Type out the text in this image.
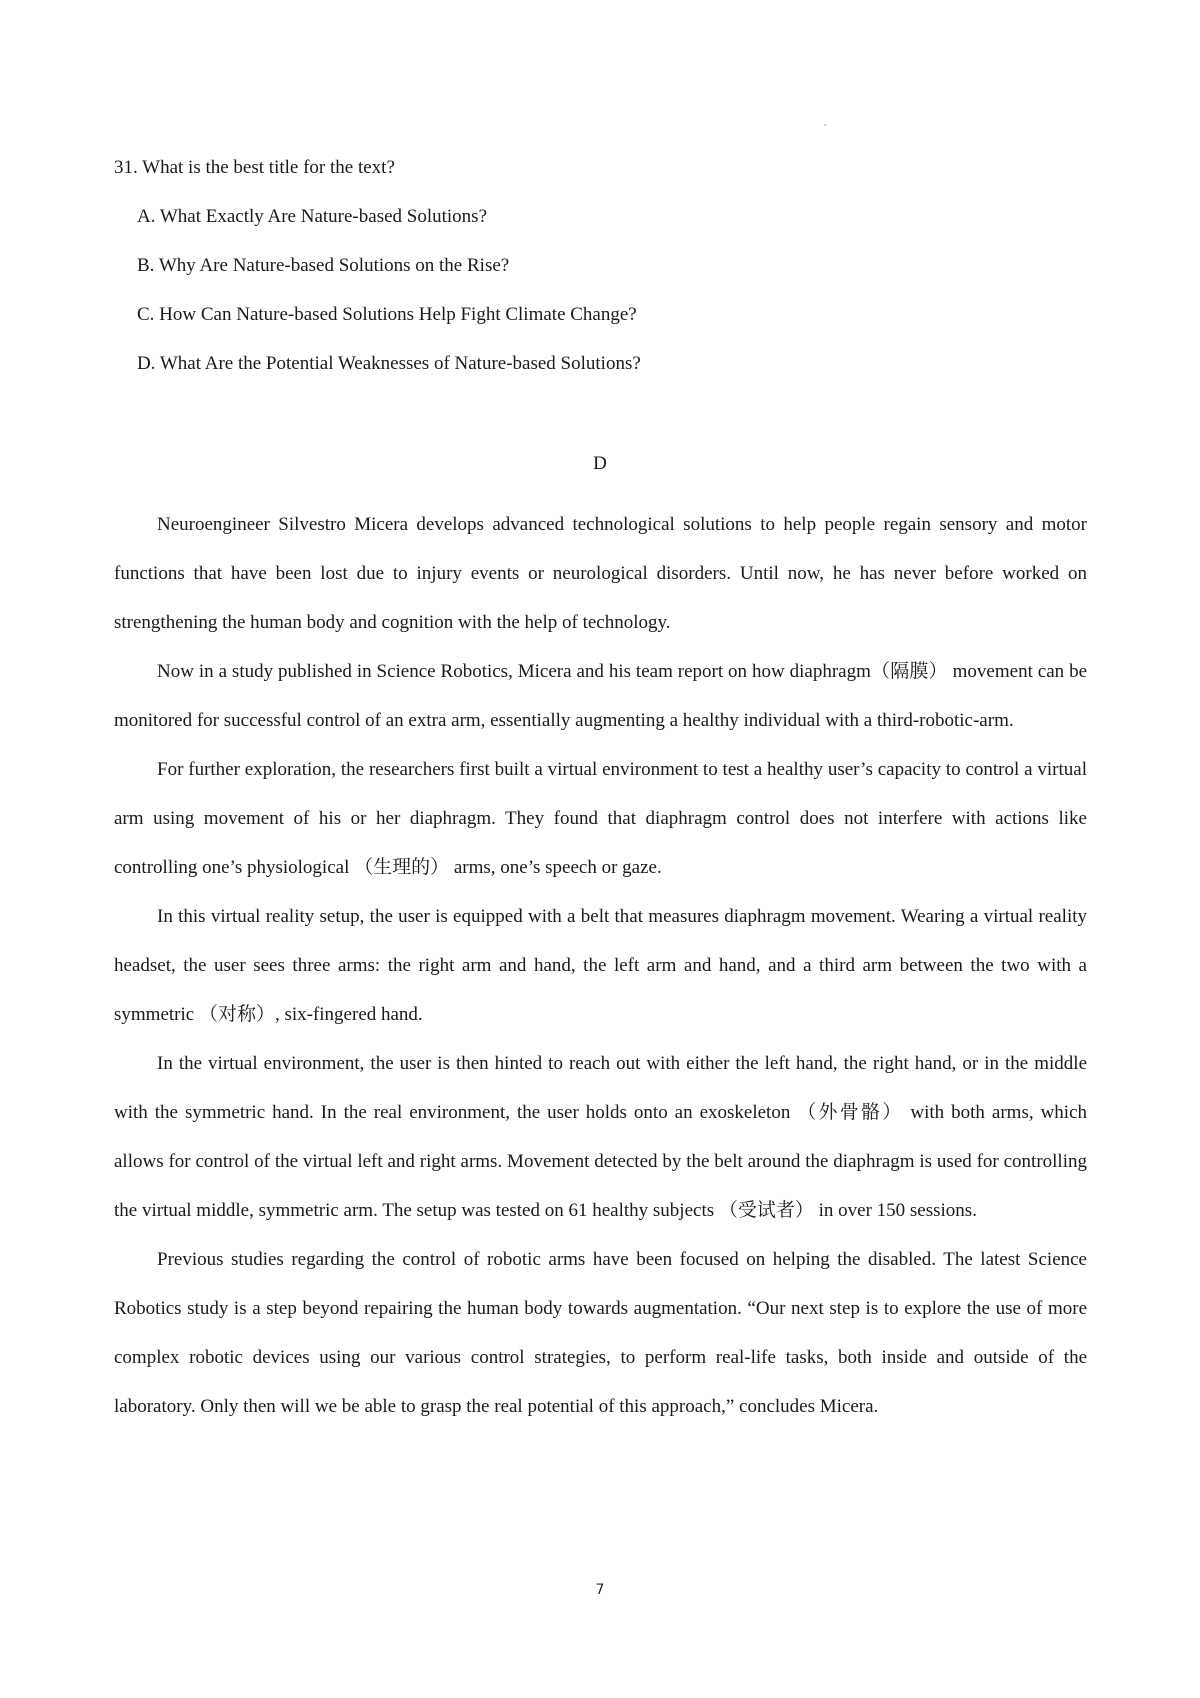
31. What is the best title for the text?
A. What Exactly Are Nature-based Solutions?
B. Why Are Nature-based Solutions on the Rise?
C. How Can Nature-based Solutions Help Fight Climate Change?
D. What Are the Potential Weaknesses of Nature-based Solutions?
D

Neuroengineer Silvestro Micera develops advanced technological solutions to help people regain sensory and motor functions that have been lost due to injury events or neurological disorders. Until now, he has never before worked on strengthening the human body and cognition with the help of technology.

Now in a study published in Science Robotics, Micera and his team report on how diaphragm（隔膜） movement can be monitored for successful control of an extra arm, essentially augmenting a healthy individual with a third-robotic-arm.

For further exploration, the researchers first built a virtual environment to test a healthy user’s capacity to control a virtual arm using movement of his or her diaphragm. They found that diaphragm control does not interfere with actions like controlling one’s physiological （生理的） arms, one’s speech or gaze.

In this virtual reality setup, the user is equipped with a belt that measures diaphragm movement. Wearing a virtual reality headset, the user sees three arms: the right arm and hand, the left arm and hand, and a third arm between the two with a symmetric （对称）, six-fingered hand.

In the virtual environment, the user is then hinted to reach out with either the left hand, the right hand, or in the middle with the symmetric hand. In the real environment, the user holds onto an exoskeleton （外骨骼） with both arms, which allows for control of the virtual left and right arms. Movement detected by the belt around the diaphragm is used for controlling the virtual middle, symmetric arm. The setup was tested on 61 healthy subjects （受试者） in over 150 sessions.

Previous studies regarding the control of robotic arms have been focused on helping the disabled. The latest Science Robotics study is a step beyond repairing the human body towards augmentation. “Our next step is to explore the use of more complex robotic devices using our various control strategies, to perform real-life tasks, both inside and outside of the laboratory. Only then will we be able to grasp the real potential of this approach,” concludes Micera.

7
